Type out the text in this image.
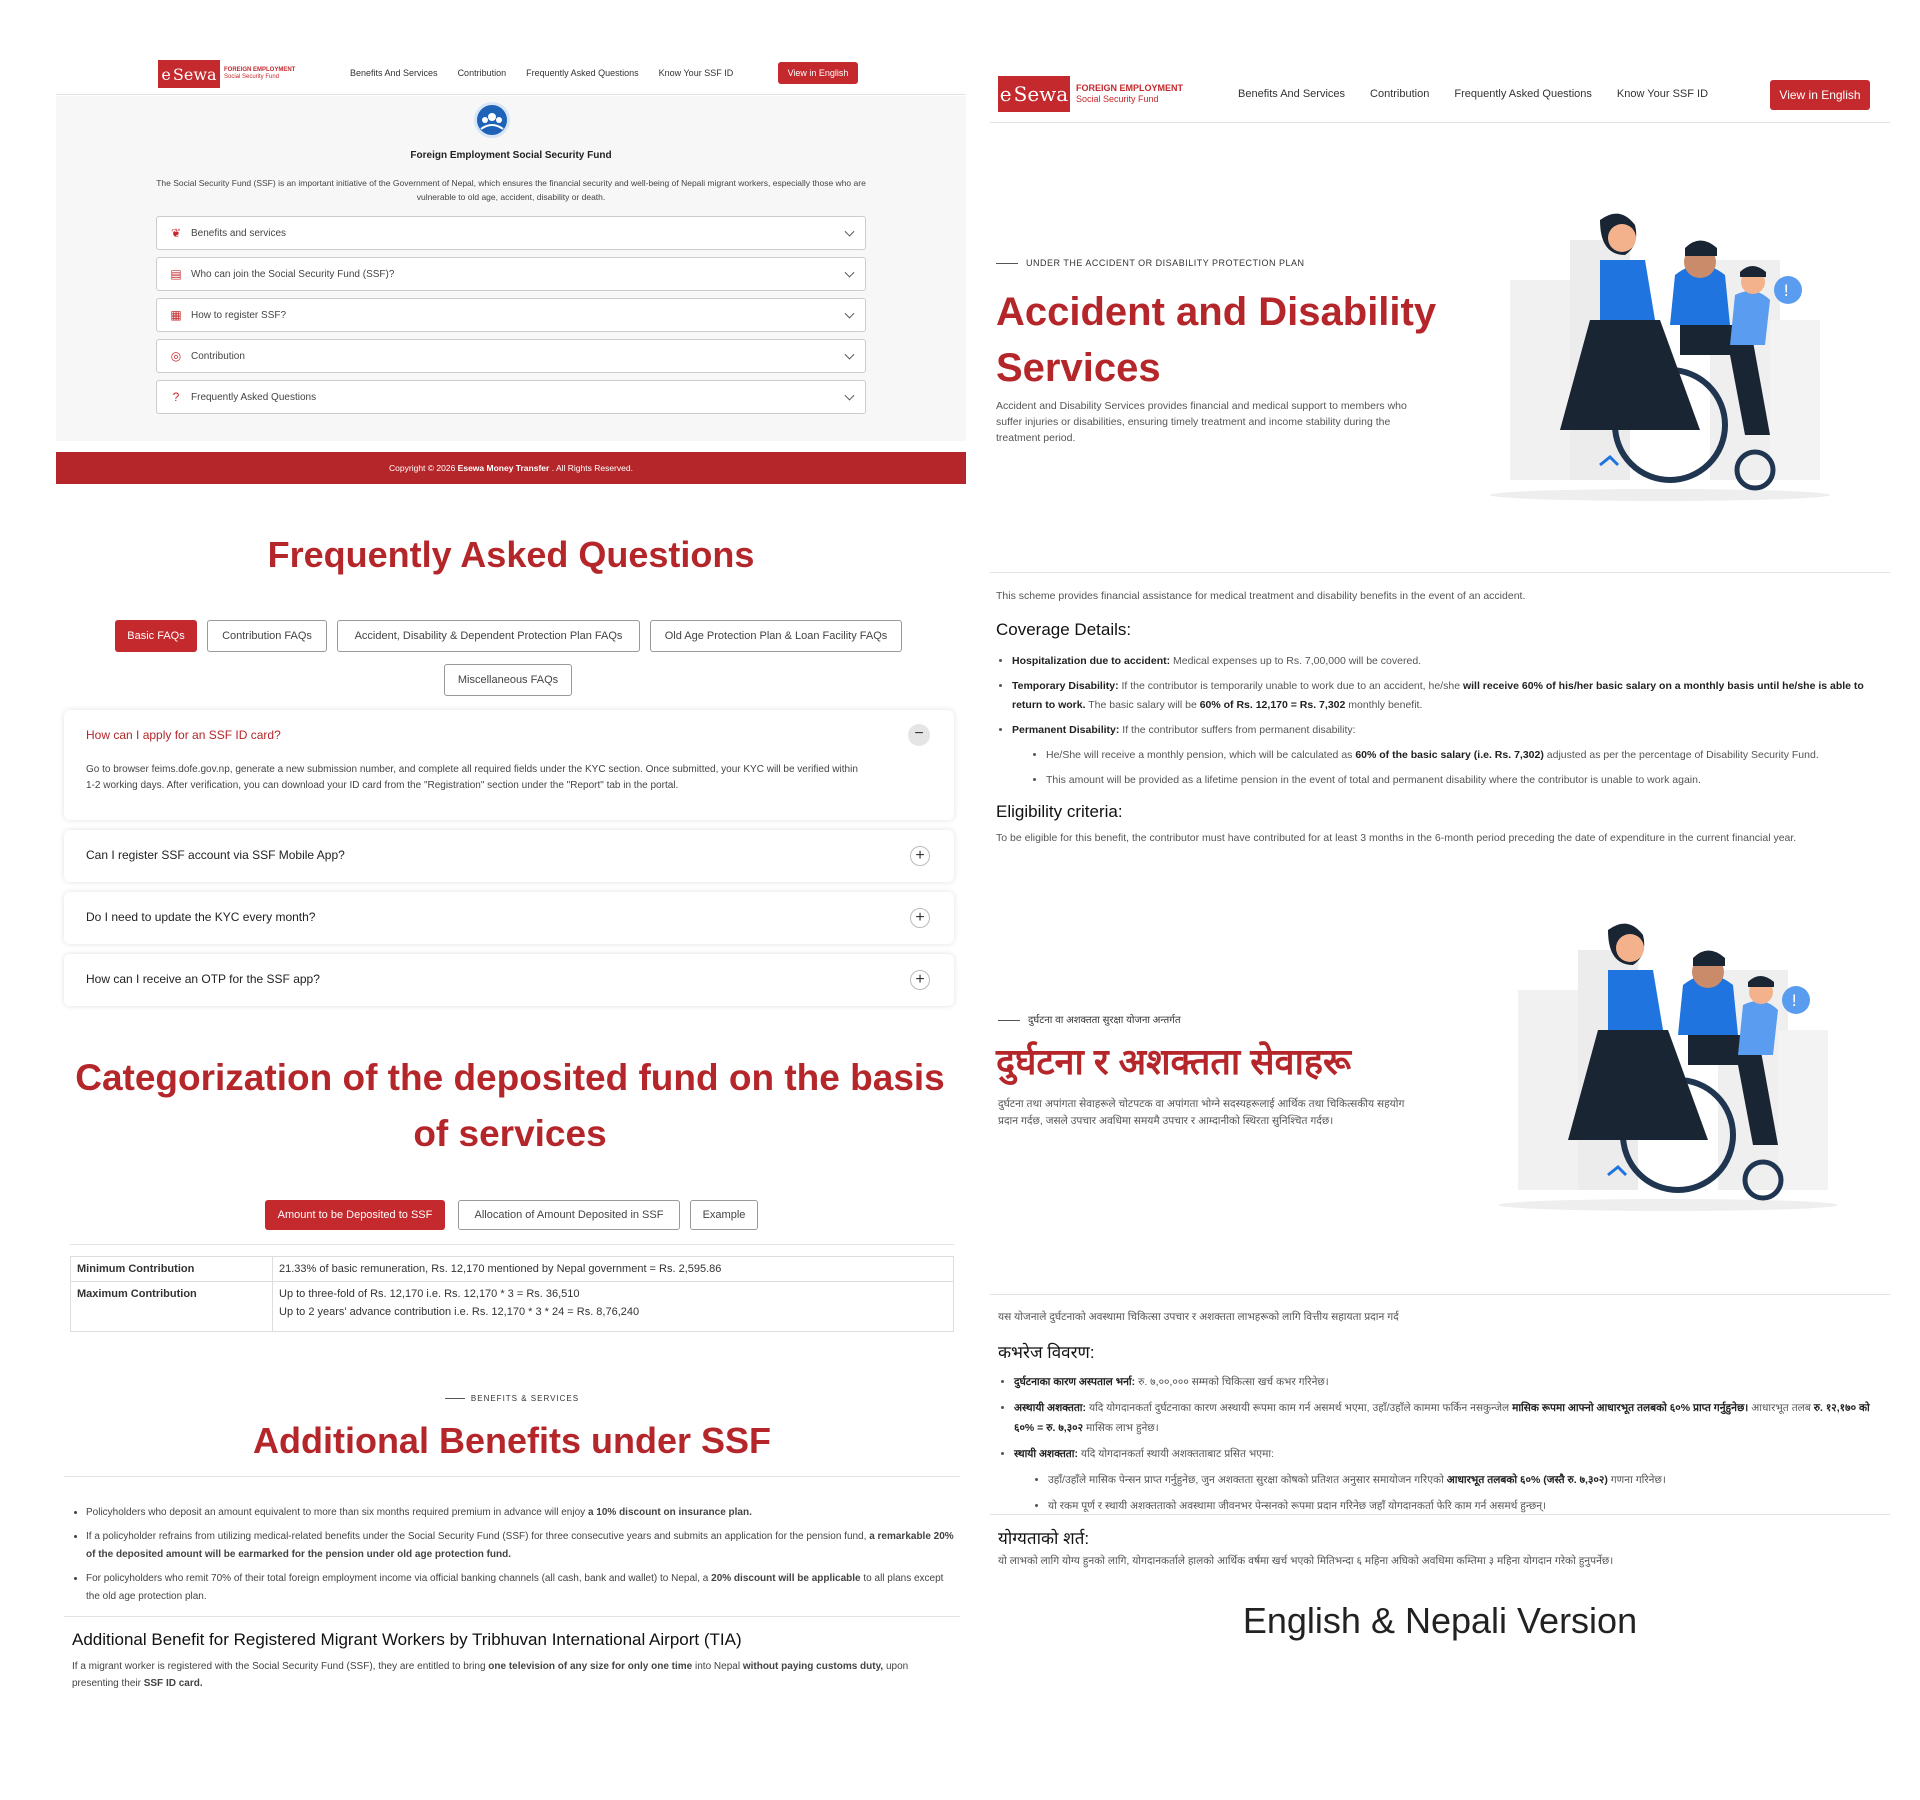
e Sewa FOREIGN EMPLOYMENT
Social Security Fund	Benefits And Services Contribution Frequently Asked Questions Know Your SSF ID	View in English
Foreign Employment Social Security Fund
The Social Security Fund (SSF) is an important initiative of the Government of Nepal, which ensures the financial security and well-being of Nepali migrant workers, especially those who are vulnerable to old age, accident, disability or death.
❦ Benefits and services
▤ Who can join the Social Security Fund (SSF)?
▦ How to register SSF?
◎ Contribution
?	Frequently Asked Questions
Copyright © 2026 Esewa Money Transfer . All Rights Reserved.
Frequently Asked Questions
Basic FAQs	Contribution FAQs	Accident, Disability & Dependent Protection Plan FAQs	Old Age Protection Plan & Loan Facility FAQs
Miscellaneous FAQs
How can I apply for an SSF ID card?	−
Go to browser feims.dofe.gov.np, generate a new submission number, and complete all required fields under the KYC section. Once submitted, your KYC will be verified within 1-2 working days. After verification, you can download your ID card from the "Registration" section under the "Report" tab in the portal.
Can I register SSF account via SSF Mobile App?	+
Do I need to update the KYC every month?	+
How can I receive an OTP for the SSF app?	+
Categorization of the deposited fund on the basis of services
Amount to be Deposited to SSF	Allocation of Amount Deposited in SSF	Example
Minimum Contribution	21.33% of basic remuneration, Rs. 12,170 mentioned by Nepal government = Rs. 2,595.86
Maximum Contribution	Up to three-fold of Rs. 12,170 i.e. Rs. 12,170 * 3 = Rs. 36,510
Up to 2 years' advance contribution i.e. Rs. 12,170 * 3 * 24 = Rs. 8,76,240
BENEFITS & SERVICES
Additional Benefits under SSF
• Policyholders who deposit an amount equivalent to more than six months required premium in advance will enjoy a 10% discount on insurance plan.
• If a policyholder refrains from utilizing medical-related benefits under the Social Security Fund (SSF) for three consecutive years and submits an application for the pension fund, a remarkable 20% of the deposited amount will be earmarked for the pension under old age protection fund.
• For policyholders who remit 70% of their total foreign employment income via official banking channels (all cash, bank and wallet) to Nepal, a 20% discount will be applicable to all plans except the old age protection plan.
Additional Benefit for Registered Migrant Workers by Tribhuvan International Airport (TIA)
If a migrant worker is registered with the Social Security Fund (SSF), they are entitled to bring one television of any size for only one time into Nepal without paying customs duty, upon presenting their SSF ID card.
e Sewa FOREIGN EMPLOYMENT
Social Security Fund	Benefits And Services Contribution Frequently Asked Questions Know Your SSF ID	View in English
UNDER THE ACCIDENT OR DISABILITY PROTECTION PLAN
Accident and Disability
Services
Accident and Disability Services provides financial and medical support to members who suffer injuries or disabilities, ensuring timely treatment and income stability during the treatment period.
!
This scheme provides financial assistance for medical treatment and disability benefits in the event of an accident.
Coverage Details:
• Hospitalization due to accident: Medical expenses up to Rs. 7,00,000 will be covered.
• Temporary Disability: If the contributor is temporarily unable to work due to an accident, he/she will receive 60% of his/her basic salary on a monthly basis until he/she is able to return to work. The basic salary will be 60% of Rs. 12,170 = Rs. 7,302 monthly benefit.
• Permanent Disability: If the contributor suffers from permanent disability:
• He/She will receive a monthly pension, which will be calculated as 60% of the basic salary (i.e. Rs. 7,302) adjusted as per the percentage of Disability Security Fund.
• This amount will be provided as a lifetime pension in the event of total and permanent disability where the contributor is unable to work again.
Eligibility criteria:
To be eligible for this benefit, the contributor must have contributed for at least 3 months in the 6-month period preceding the date of expenditure in the current financial year.
!
दुर्घटना वा अशक्तता सुरक्षा योजना अन्तर्गत
दुर्घटना र अशक्तता सेवाहरू
दुर्घटना तथा अपांगता सेवाहरूले चोटपटक वा अपांगता भोग्ने सदस्यहरूलाई आर्थिक तथा चिकित्सकीय सहयोग प्रदान गर्दछ, जसले उपचार अवधिमा समयमै उपचार र आम्दानीको स्थिरता सुनिश्चित गर्दछ।
यस योजनाले दुर्घटनाको अवस्थामा चिकित्सा उपचार र अशक्तता लाभहरूको लागि वित्तीय सहायता प्रदान गर्द
कभरेज विवरण:
• दुर्घटनाका कारण अस्पताल भर्ना: रु. ७,००,००० सम्मको चिकित्सा खर्च कभर गरिनेछ।
• अस्थायी अशक्तता: यदि योगदानकर्ता दुर्घटनाका कारण अस्थायी रूपमा काम गर्न असमर्थ भएमा, उहाँ/उहाँले काममा फर्किन नसकुन्जेल मासिक रूपमा आफ्नो आधारभूत तलबको ६०% प्राप्त गर्नुहुनेछ। आधारभूत तलब रु. १२,१७० को ६०% = रु. ७,३०२ मासिक लाभ हुनेछ।
• स्थायी अशक्तता: यदि योगदानकर्ता स्थायी अशक्तताबाट प्रसित भएमा:
• उहाँ/उहाँले मासिक पेन्सन प्राप्त गर्नुहुनेछ, जुन अशक्तता सुरक्षा कोषको प्रतिशत अनुसार समायोजन गरिएको आधारभूत तलबको ६०% (जस्तै रु. ७,३०२) गणना गरिनेछ।
• यो रकम पूर्ण र स्थायी अशक्तताको अवस्थामा जीवनभर पेन्सनको रूपमा प्रदान गरिनेछ जहाँ योगदानकर्ता फेरि काम गर्न असमर्थ हुन्छन्।
योग्यताको शर्त:
यो लाभको लागि योग्य हुनको लागि, योगदानकर्ताले हालको आर्थिक वर्षमा खर्च भएको मितिभन्दा ६ महिना अघिको अवधिमा कम्तिमा ३ महिना योगदान गरेको हुनुपर्नेछ।
English & Nepali Version
